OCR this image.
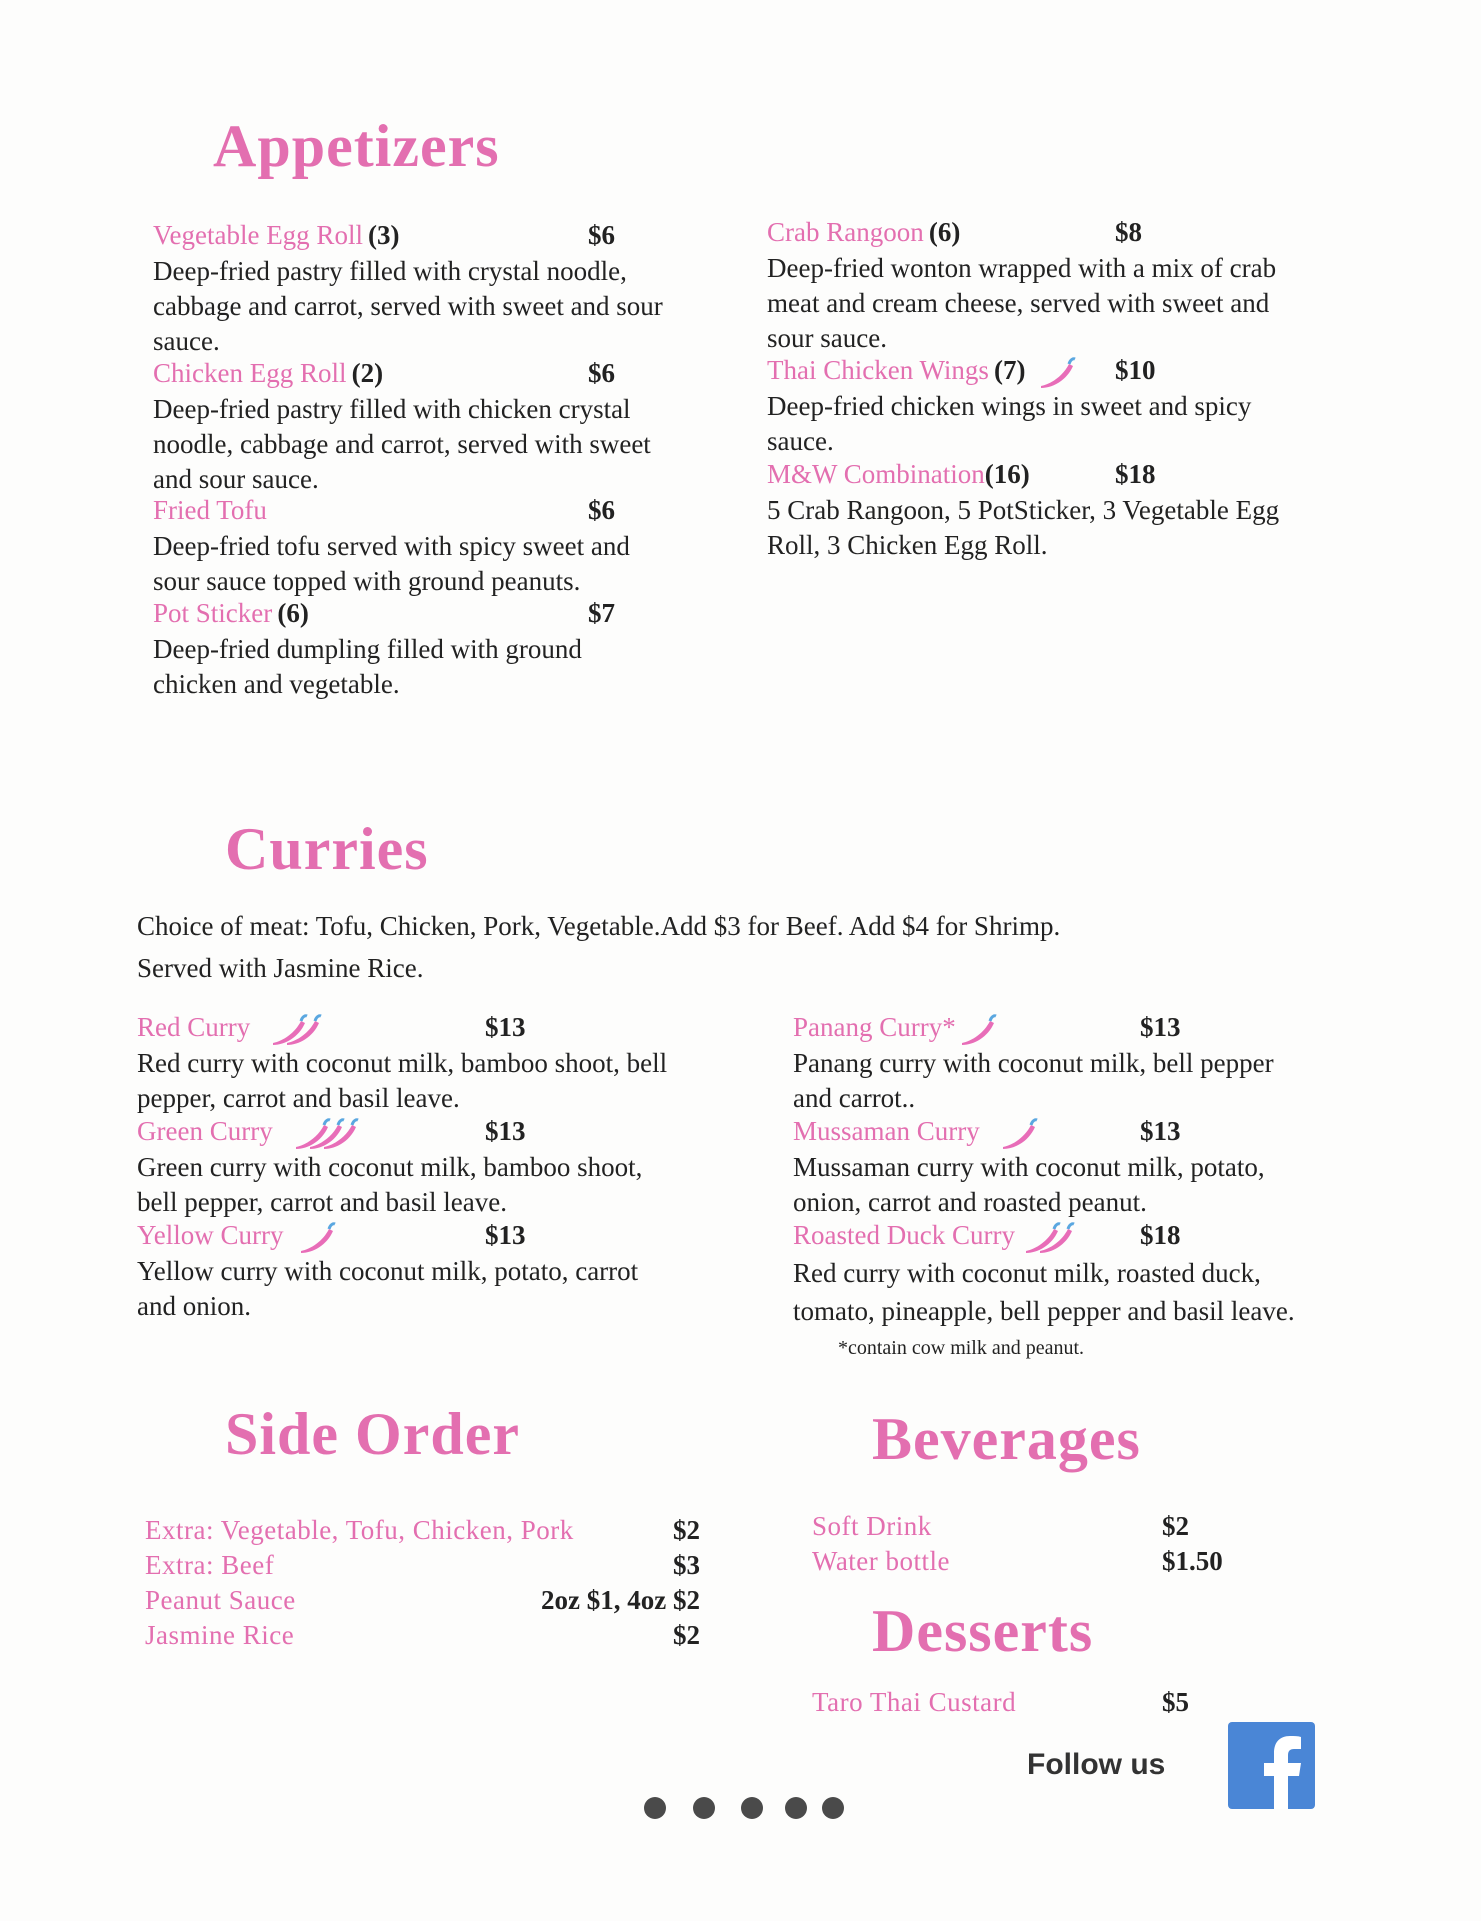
Appetizers
Vegetable Egg Roll (3)	$6
Deep-fried pastry filled with crystal noodle, cabbage and carrot, served with sweet and sour sauce.
Chicken Egg Roll (2)	$6
Deep-fried pastry filled with chicken crystal noodle, cabbage and carrot, served with sweet and sour sauce.
Fried Tofu	$6
Deep-fried tofu served with spicy sweet and sour sauce topped with ground peanuts.
Pot Sticker (6)	$7
Deep-fried dumpling filled with ground chicken and vegetable.
Crab Rangoon (6)	$8
Deep-fried wonton wrapped with a mix of crab meat and cream cheese, served with sweet and sour sauce.
Thai Chicken Wings (7)	$10
Deep-fried chicken wings in sweet and spicy sauce.
M&W Combination(16)	$18
5 Crab Rangoon, 5 PotSticker, 3 Vegetable Egg Roll, 3 Chicken Egg Roll.
Curries
Choice of meat: Tofu, Chicken, Pork, Vegetable.Add $3 for Beef. Add $4 for Shrimp.
Served with Jasmine Rice.
Red Curry	$13
Red curry with coconut milk, bamboo shoot, bell pepper, carrot and basil leave.
Green Curry	$13
Green curry with coconut milk, bamboo shoot, bell pepper, carrot and basil leave.
Yellow Curry	$13
Yellow curry with coconut milk, potato, carrot and onion.
Panang Curry*	$13
Panang curry with coconut milk, bell pepper and carrot..
Mussaman Curry	$13
Mussaman curry with coconut milk, potato, onion, carrot and roasted peanut.
Roasted Duck Curry	$18
Red curry with coconut milk, roasted duck, tomato, pineapple, bell pepper and basil leave.
*contain cow milk and peanut.
Side Order
Extra: Vegetable, Tofu, Chicken, Pork	$2
Extra: Beef	$3
Peanut Sauce	2oz $1, 4oz $2
Jasmine Rice	$2
Beverages
Soft Drink	$2
Water bottle	$1.50
Desserts
Taro Thai Custard	$5
Follow us
